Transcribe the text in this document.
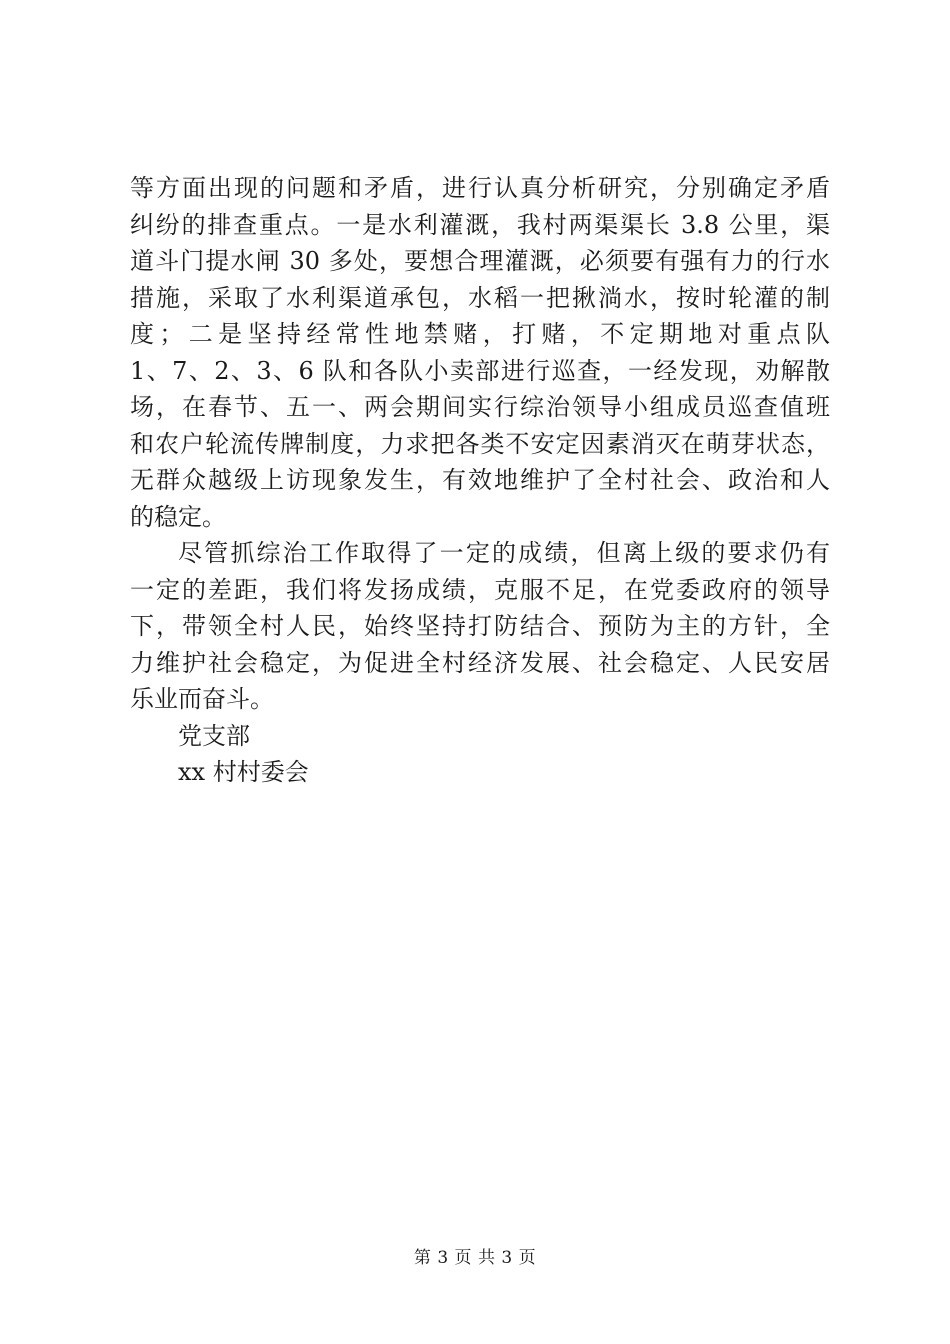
等方面出现的问题和矛盾，进行认真分析研究，分别确定矛盾
纠纷的排查重点。一是水利灌溉，我村两渠渠长 3.8 公里，渠
道斗门提水闸 30 多处，要想合理灌溉，必须要有强有力的行水
措施，采取了水利渠道承包，水稻一把揪淌水，按时轮灌的制
度；二是坚持经常性地禁赌，打赌，不定期地对重点队
1、7、2、3、6 队和各队小卖部进行巡查，一经发现，劝解散
场，在春节、五一、两会期间实行综治领导小组成员巡查值班
和农户轮流传牌制度，力求把各类不安定因素消灭在萌芽状态，
无群众越级上访现象发生，有效地维护了全村社会、政治和人
的稳定。
尽管抓综治工作取得了一定的成绩，但离上级的要求仍有
一定的差距，我们将发扬成绩，克服不足，在党委政府的领导
下，带领全村人民，始终坚持打防结合、预防为主的方针，全
力维护社会稳定，为促进全村经济发展、社会稳定、人民安居
乐业而奋斗。
党支部
xx 村村委会
第 3 页 共 3 页
